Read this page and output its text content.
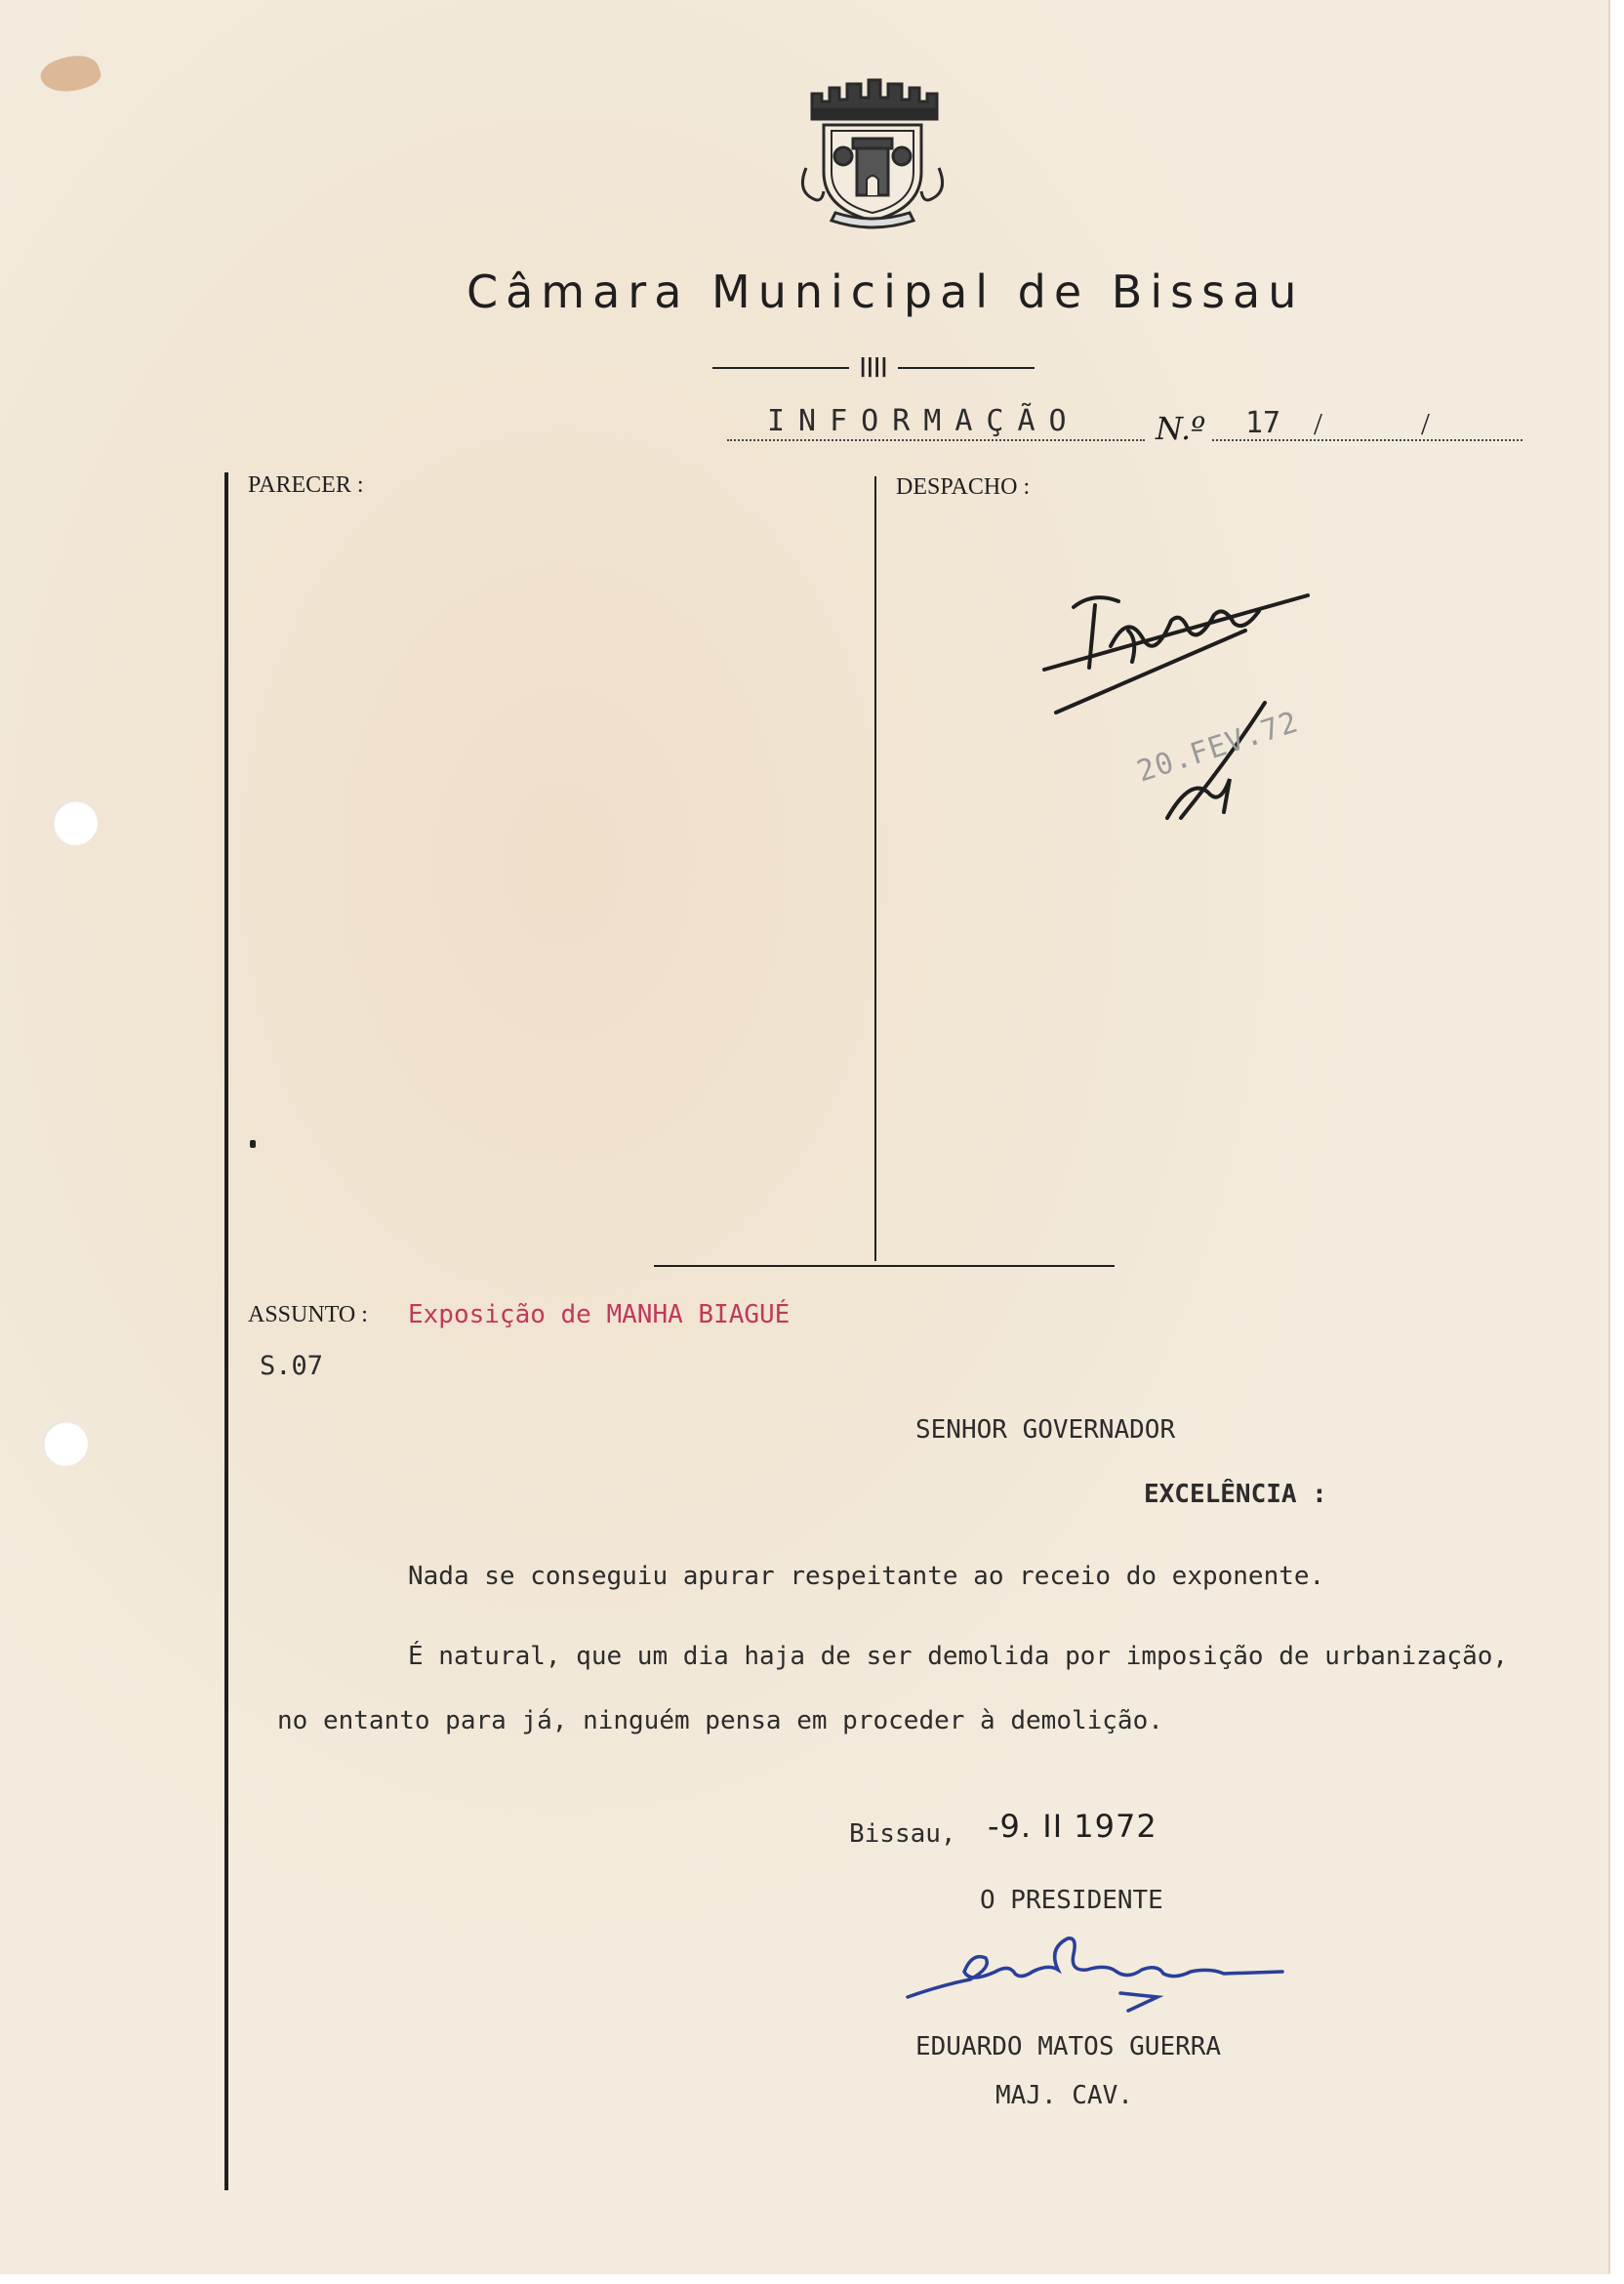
Câmara Municipal de Bissau
IIII
INFORMAÇÃO N.º 17 /	/
PARECER :	DESPACHO :
20.FEV.72
ASSUNTO : Exposição de MANHA BIAGUÉ
S.07
SENHOR GOVERNADOR
EXCELÊNCIA :
Nada se conseguiu apurar respeitante ao receio do exponente.
É natural, que um dia haja de ser demolida por imposição de urbanização,
no entanto para já, ninguém pensa em proceder à demolição.
Bissau, -9. II 1972
O PRESIDENTE
EDUARDO MATOS GUERRA
MAJ. CAV.
